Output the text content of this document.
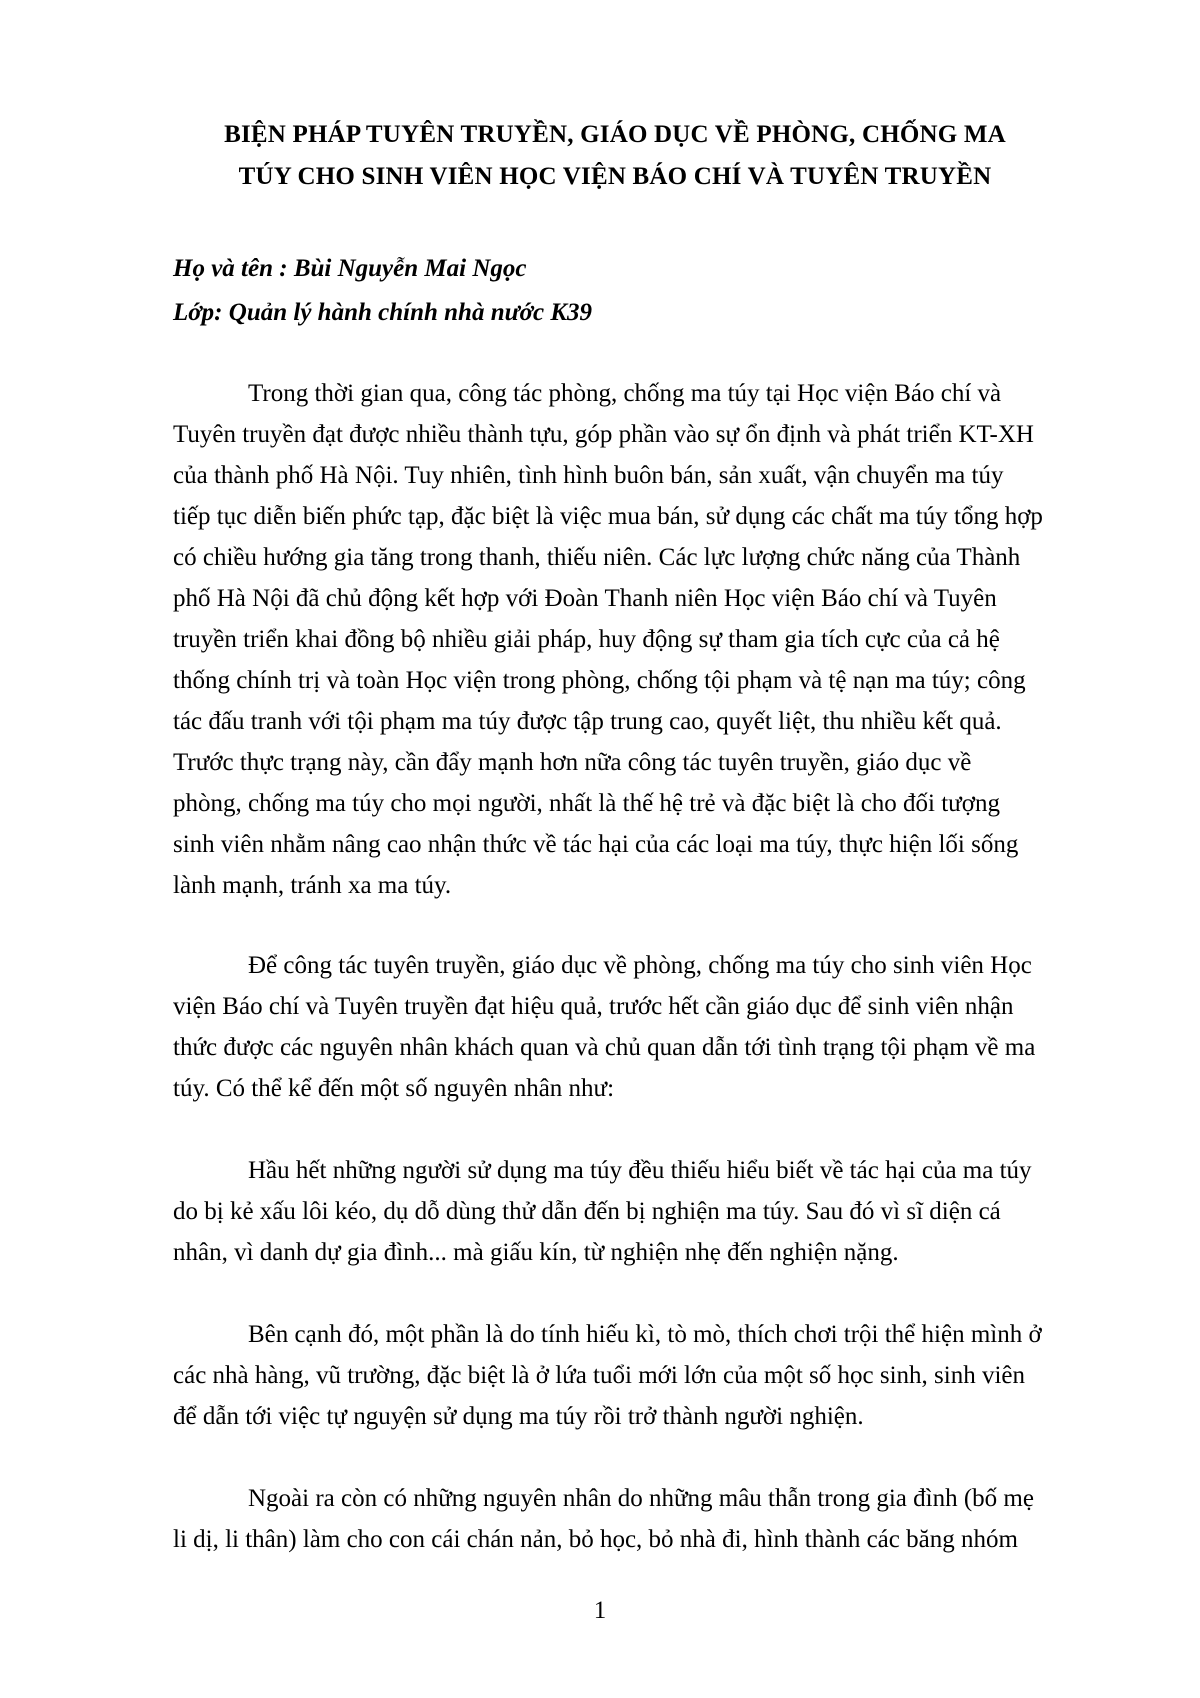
BIỆN PHÁP TUYÊN TRUYỀN, GIÁO DỤC VỀ PHÒNG, CHỐNG MA
TÚY CHO SINH VIÊN HỌC VIỆN BÁO CHÍ VÀ TUYÊN TRUYỀN
Họ và tên : Bùi Nguyễn Mai Ngọc
Lớp: Quản lý hành chính nhà nước K39
Trong thời gian qua, công tác phòng, chống ma túy tại Học viện Báo chí và
Tuyên truyền đạt được nhiều thành tựu, góp phần vào sự ổn định và phát triển KT-XH
của thành phố Hà Nội. Tuy nhiên, tình hình buôn bán, sản xuất, vận chuyển ma túy
tiếp tục diễn biến phức tạp, đặc biệt là việc mua bán, sử dụng các chất ma túy tổng hợp
có chiều hướng gia tăng trong thanh, thiếu niên. Các lực lượng chức năng của Thành
phố Hà Nội đã chủ động kết hợp với Đoàn Thanh niên Học viện Báo chí và Tuyên
truyền triển khai đồng bộ nhiều giải pháp, huy động sự tham gia tích cực của cả hệ
thống chính trị và toàn Học viện trong phòng, chống tội phạm và tệ nạn ma túy; công
tác đấu tranh với tội phạm ma túy được tập trung cao, quyết liệt, thu nhiều kết quả.
Trước thực trạng này, cần đẩy mạnh hơn nữa công tác tuyên truyền, giáo dục về
phòng, chống ma túy cho mọi người, nhất là thế hệ trẻ và đặc biệt là cho đối tượng
sinh viên nhằm nâng cao nhận thức về tác hại của các loại ma túy, thực hiện lối sống
lành mạnh, tránh xa ma túy.
Để công tác tuyên truyền, giáo dục về phòng, chống ma túy cho sinh viên Học
viện Báo chí và Tuyên truyền đạt hiệu quả, trước hết cần giáo dục để sinh viên nhận
thức được các nguyên nhân khách quan và chủ quan dẫn tới tình trạng tội phạm về ma
túy. Có thể kể đến một số nguyên nhân như:
Hầu hết những người sử dụng ma túy đều thiếu hiểu biết về tác hại của ma túy
do bị kẻ xấu lôi kéo, dụ dỗ dùng thử dẫn đến bị nghiện ma túy. Sau đó vì sĩ diện cá
nhân, vì danh dự gia đình... mà giấu kín, từ nghiện nhẹ đến nghiện nặng.
Bên cạnh đó, một phần là do tính hiếu kì, tò mò, thích chơi trội thể hiện mình ở
các nhà hàng, vũ trường, đặc biệt là ở lứa tuổi mới lớn của một số học sinh, sinh viên
để dẫn tới việc tự nguyện sử dụng ma túy rồi trở thành người nghiện.
Ngoài ra còn có những nguyên nhân do những mâu thẫn trong gia đình (bố mẹ
li dị, li thân) làm cho con cái chán nản, bỏ học, bỏ nhà đi, hình thành các băng nhóm
1
